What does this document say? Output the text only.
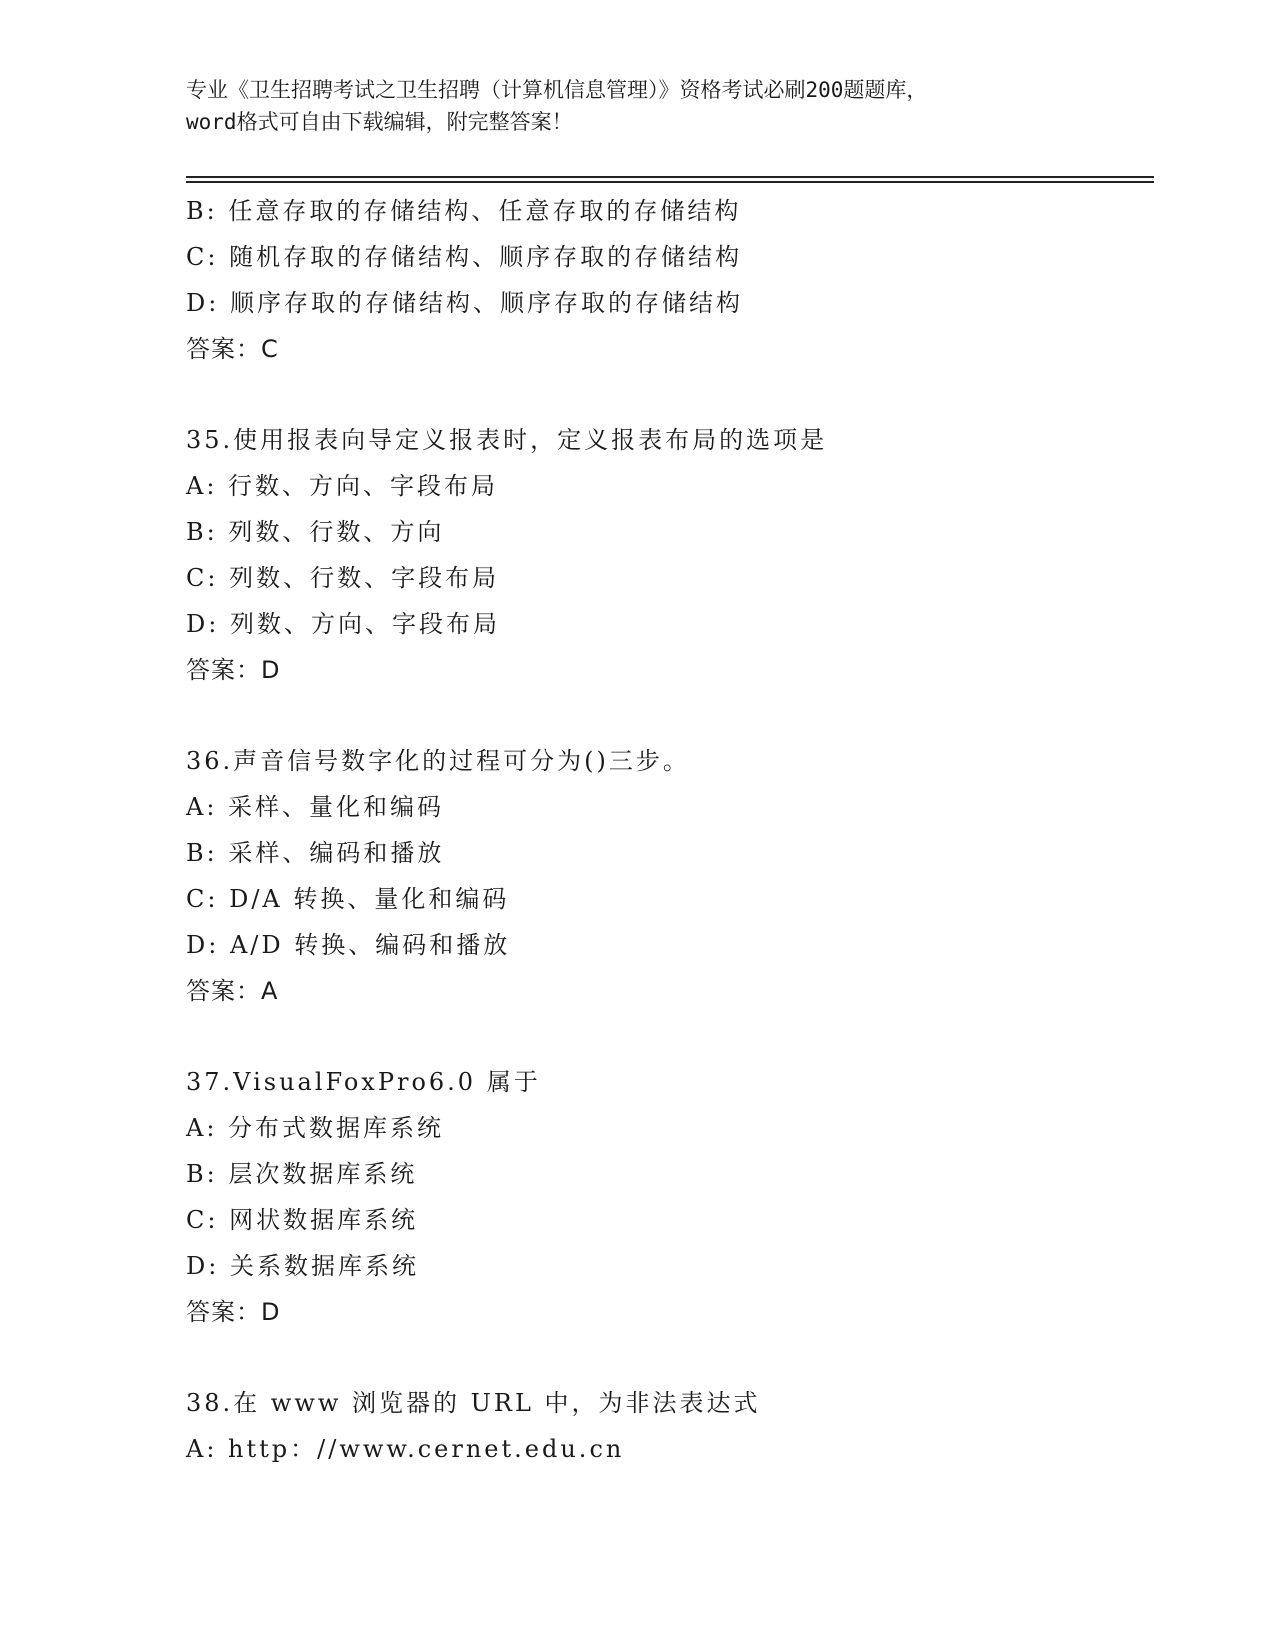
专业《卫生招聘考试之卫生招聘（计算机信息管理）》资格考试必刷200题题库，
word格式可自由下载编辑，附完整答案！
B: 任意存取的存储结构、任意存取的存储结构
C: 随机存取的存储结构、顺序存取的存储结构
D: 顺序存取的存储结构、顺序存取的存储结构
答案：C
35.使用报表向导定义报表时，定义报表布局的选项是
A: 行数、方向、字段布局
B: 列数、行数、方向
C: 列数、行数、字段布局
D: 列数、方向、字段布局
答案：D
36.声音信号数字化的过程可分为()三步。
A: 采样、量化和编码
B: 采样、编码和播放
C: D/A 转换、量化和编码
D: A/D 转换、编码和播放
答案：A
37.VisualFoxPro6.0 属于
A: 分布式数据库系统
B: 层次数据库系统
C: 网状数据库系统
D: 关系数据库系统
答案：D
38.在 www 浏览器的 URL 中，为非法表达式
A: http：//www.cernet.edu.cn
